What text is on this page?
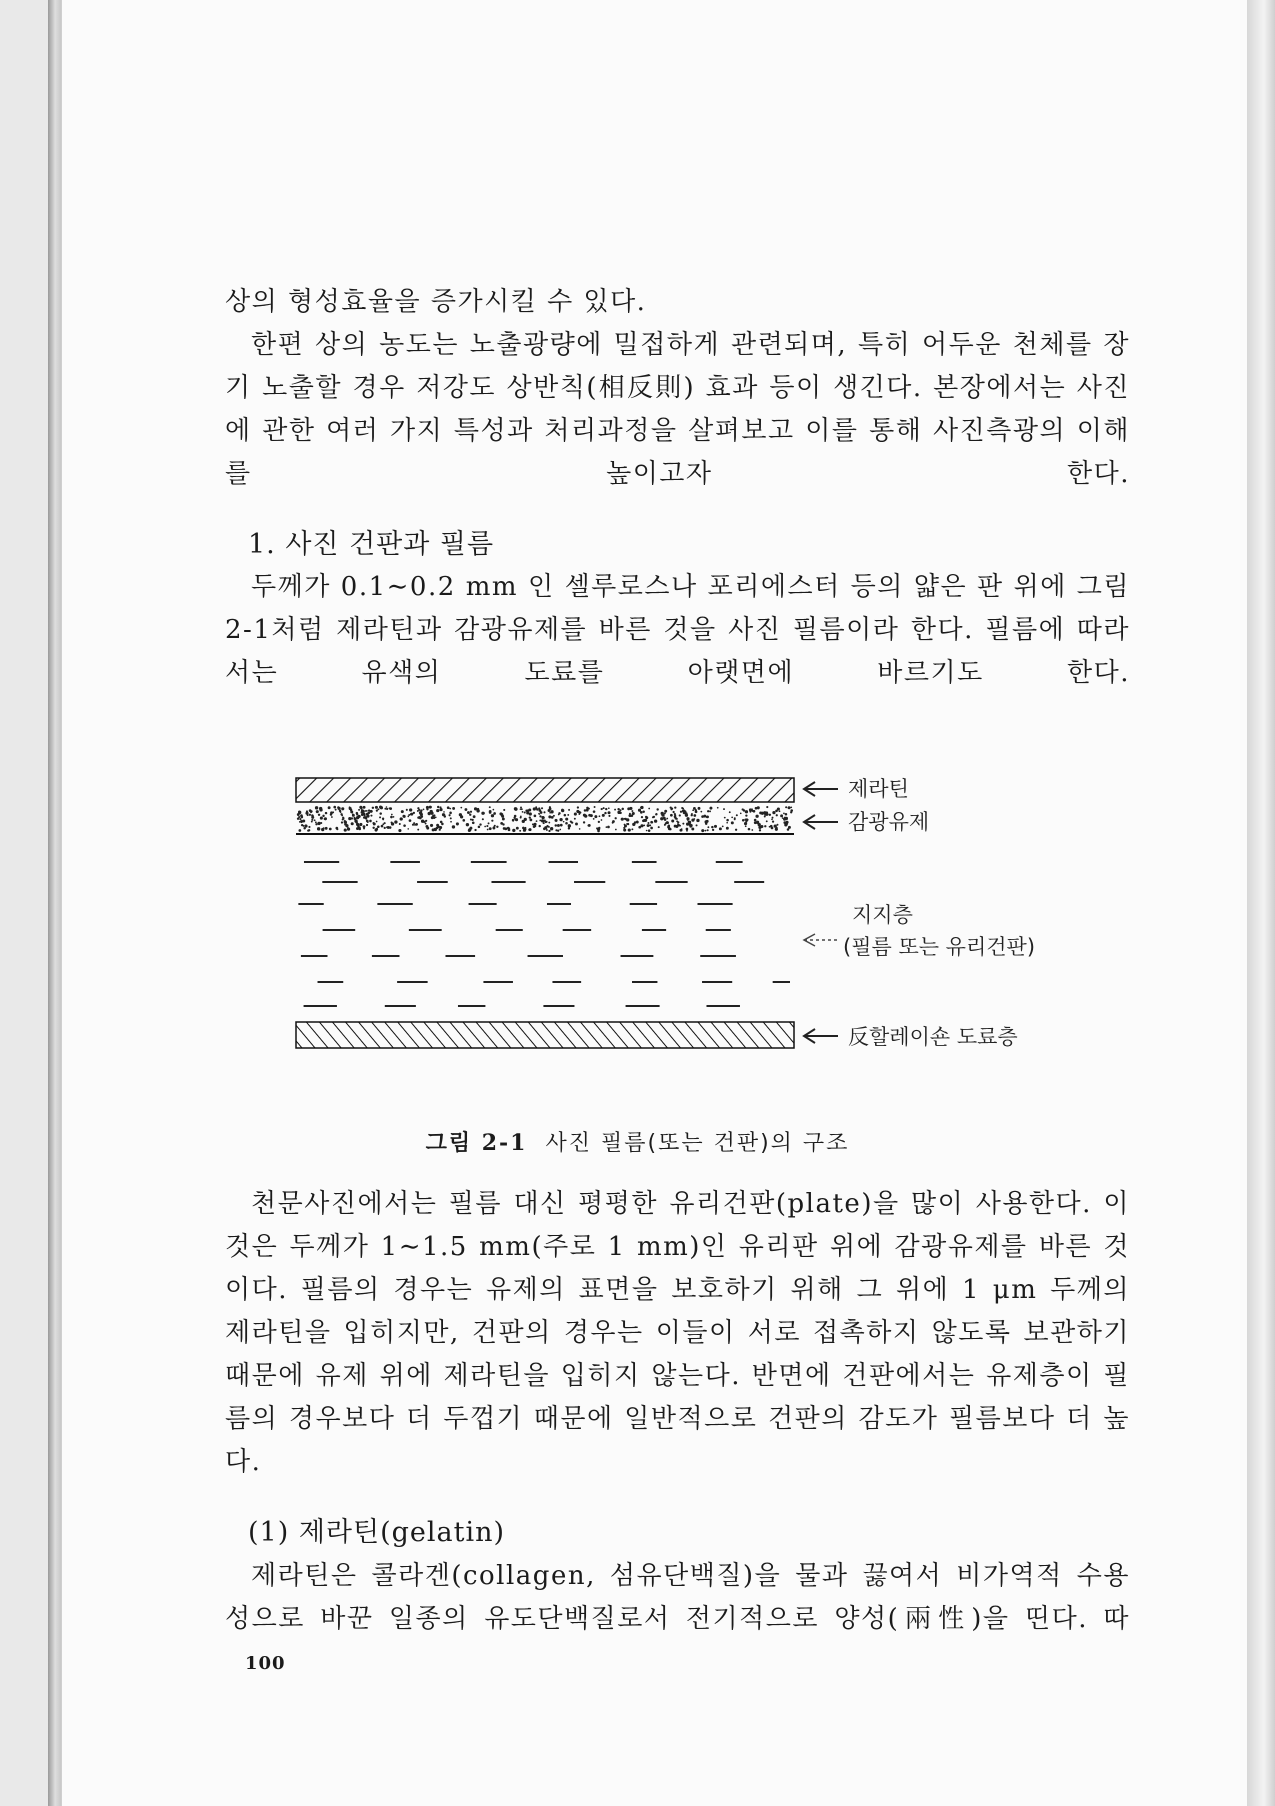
상의 형성효율을 증가시킬 수 있다.

한편 상의 농도는 노출광량에 밀접하게 관련되며, 특히 어두운 천체를 장기 노출할 경우 저강도 상반칙(相反則) 효과 등이 생긴다. 본장에서는 사진에 관한 여러 가지 특성과 처리과정을 살펴보고 이를 통해 사진측광의 이해를 높이고자 한다.

1. 사진 건판과 필름

두께가 0.1∼0.2 mm 인 셀루로스나 포리에스터 등의 얇은 판 위에 그림 2-1처럼 제라틴과 감광유제를 바른 것을 사진 필름이라 한다. 필름에 따라서는 유색의 도료를 아랫면에 바르기도 한다.

제라틴
감광유제
지지층
(필름 또는 유리건판)
反할레이숀 도료층
그림 2-1 사진 필름(또는 건판)의 구조

천문사진에서는 필름 대신 평평한 유리건판(plate)을 많이 사용한다. 이것은 두께가 1∼1.5 mm(주로 1 mm)인 유리판 위에 감광유제를 바른 것이다. 필름의 경우는 유제의 표면을 보호하기 위해 그 위에 1 μm 두께의 제라틴을 입히지만, 건판의 경우는 이들이 서로 접촉하지 않도록 보관하기 때문에 유제 위에 제라틴을 입히지 않는다. 반면에 건판에서는 유제층이 필름의 경우보다 더 두껍기 때문에 일반적으로 건판의 감도가 필름보다 더 높다.

(1) 제라틴(gelatin)

제라틴은 콜라겐(collagen, 섬유단백질)을 물과 끓여서 비가역적 수용성으로 바꾼 일종의 유도단백질로서 전기적으로 양성(兩性)을 띤다. 따

100
